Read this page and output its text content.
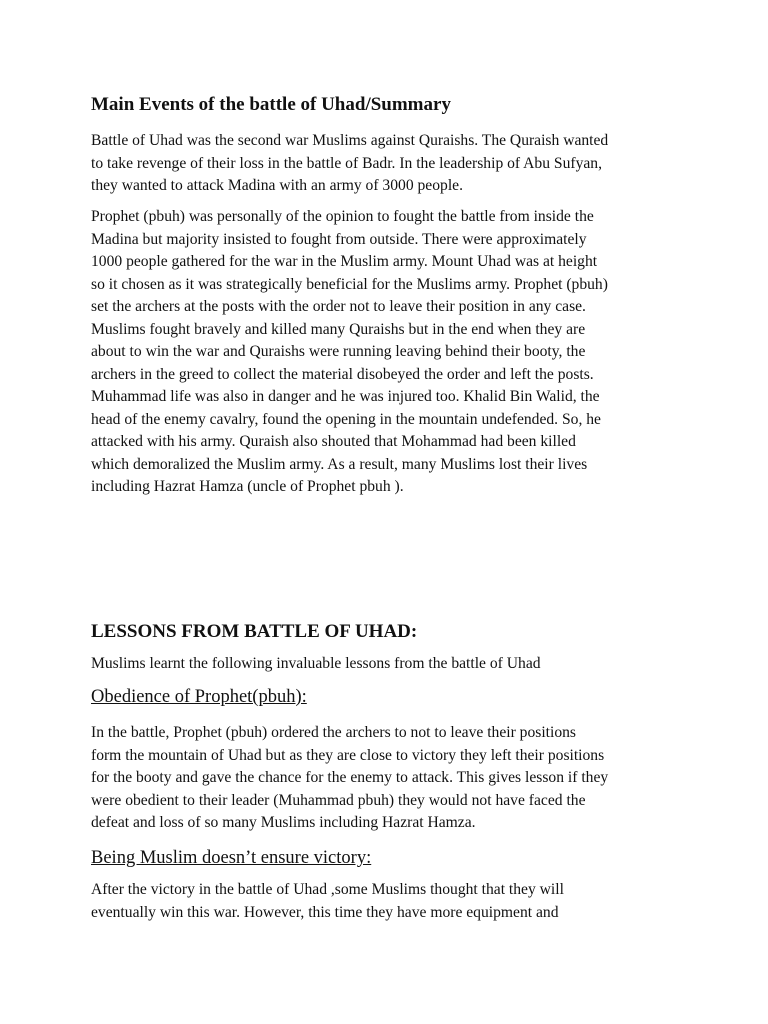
Main Events of the battle of Uhad/Summary

Battle of Uhad was the second war Muslims against Quraishs. The Quraish wanted
to take revenge of their loss in the battle of Badr. In the leadership of Abu Sufyan,
they wanted to attack Madina with an army of 3000 people.

Prophet (pbuh) was personally of the opinion to fought the battle from inside the
Madina but majority insisted to fought from outside. There were approximately
1000 people gathered for the war in the Muslim army. Mount Uhad was at height
so it chosen as it was strategically beneficial for the Muslims army. Prophet (pbuh)
set the archers at the posts with the order not to leave their position in any case.
Muslims fought bravely and killed many Quraishs but in the end when they are
about to win the war and Quraishs were running leaving behind their booty, the
archers in the greed to collect the material disobeyed the order and left the posts.
Muhammad life was also in danger and he was injured too. Khalid Bin Walid, the
head of the enemy cavalry, found the opening in the mountain undefended. So, he
attacked with his army. Quraish also shouted that Mohammad had been killed
which demoralized the Muslim army. As a result, many Muslims lost their lives
including Hazrat Hamza (uncle of Prophet pbuh ).

LESSONS FROM BATTLE OF UHAD:

Muslims learnt the following invaluable lessons from the battle of Uhad

Obedience of Prophet(pbuh):

In the battle, Prophet (pbuh) ordered the archers to not to leave their positions
form the mountain of Uhad but as they are close to victory they left their positions
for the booty and gave the chance for the enemy to attack. This gives lesson if they
were obedient to their leader (Muhammad pbuh) they would not have faced the
defeat and loss of so many Muslims including Hazrat Hamza.

Being Muslim doesn’t ensure victory:

After the victory in the battle of Uhad ,some Muslims thought that they will
eventually win this war. However, this time they have more equipment and
